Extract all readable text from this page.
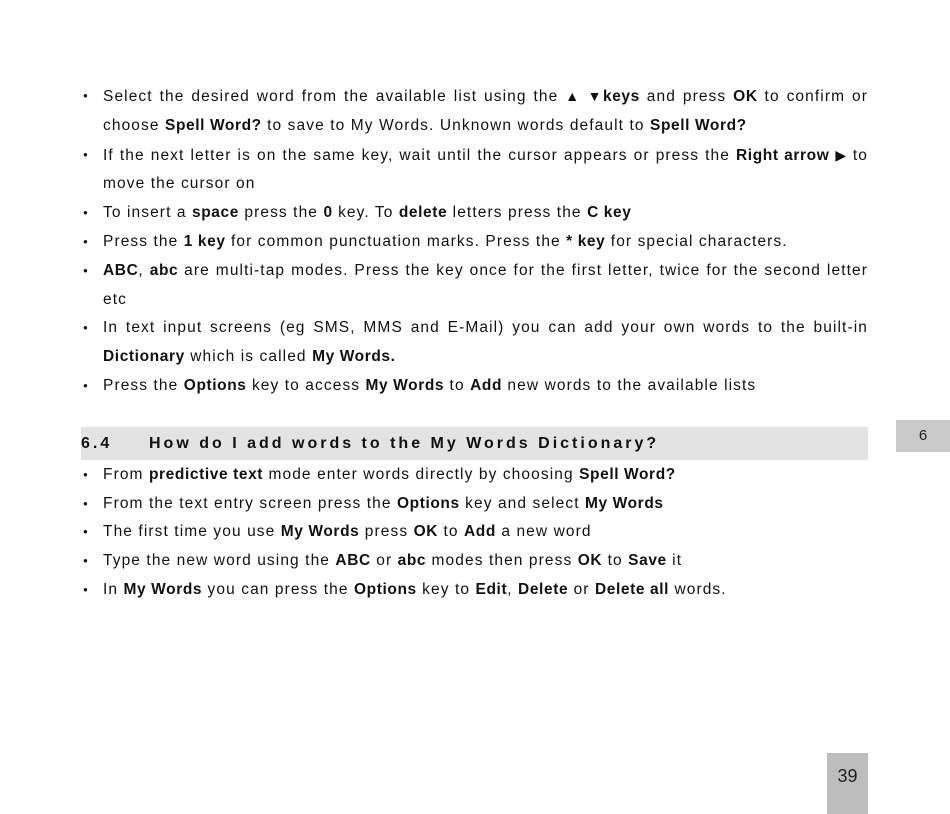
• Select the desired word from the available list using the ▲ ▼keys and press OK to confirm or choose Spell Word? to save to My Words. Unknown words default to Spell Word?
• If the next letter is on the same key, wait until the cursor appears or press the Right arrow ▶ to move the cursor on
• To insert a space press the 0 key. To delete letters press the C key
• Press the 1 key for common punctuation marks. Press the * key for special characters.
• ABC, abc are multi-tap modes. Press the key once for the first letter, twice for the second letter etc
• In text input screens (eg SMS, MMS and E-Mail) you can add your own words to the built-in Dictionary which is called My Words.
• Press the Options key to access My Words to Add new words to the available lists
6.4 How do I add words to the My Words Dictionary?
• From predictive text mode enter words directly by choosing Spell Word?
• From the text entry screen press the Options key and select My Words
• The first time you use My Words press OK to Add a new word
• Type the new word using the ABC or abc modes then press OK to Save it
• In My Words you can press the Options key to Edit, Delete or Delete all words.
6
39
